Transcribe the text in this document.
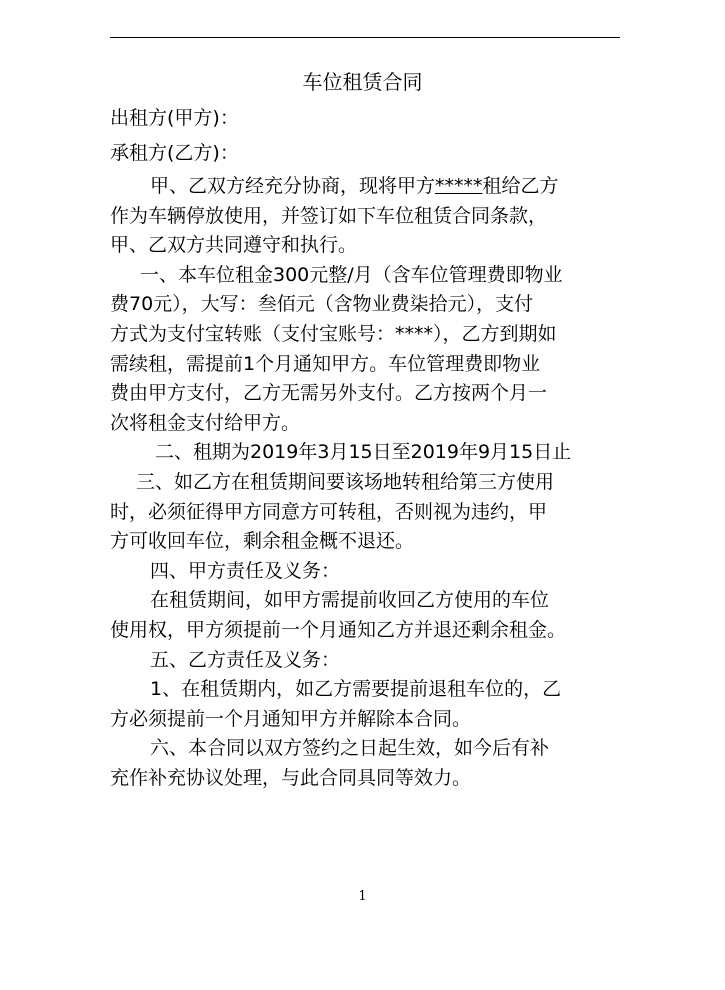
车位租赁合同
出租方(甲方)：
承租方(乙方)：
甲、乙双方经充分协商，现将甲方*****租给乙方
作为车辆停放使用，并签订如下车位租赁合同条款，
甲、乙双方共同遵守和执行。
一、本车位租金300元整/月（含车位管理费即物业
费70元），大写：叁佰元（含物业费柒拾元），支付
方式为支付宝转账（支付宝账号：****），乙方到期如
需续租，需提前1个月通知甲方。车位管理费即物业
费由甲方支付，乙方无需另外支付。乙方按两个月一
次将租金支付给甲方。
二、租期为2019年3月15日至2019年9月15日止
三、如乙方在租赁期间要该场地转租给第三方使用
时，必须征得甲方同意方可转租，否则视为违约，甲
方可收回车位，剩余租金概不退还。
四、甲方责任及义务：
在租赁期间，如甲方需提前收回乙方使用的车位
使用权，甲方须提前一个月通知乙方并退还剩余租金。
五、乙方责任及义务：
1、在租赁期内，如乙方需要提前退租车位的，乙
方必须提前一个月通知甲方并解除本合同。
六、本合同以双方签约之日起生效，如今后有补
充作补充协议处理，与此合同具同等效力。
1
